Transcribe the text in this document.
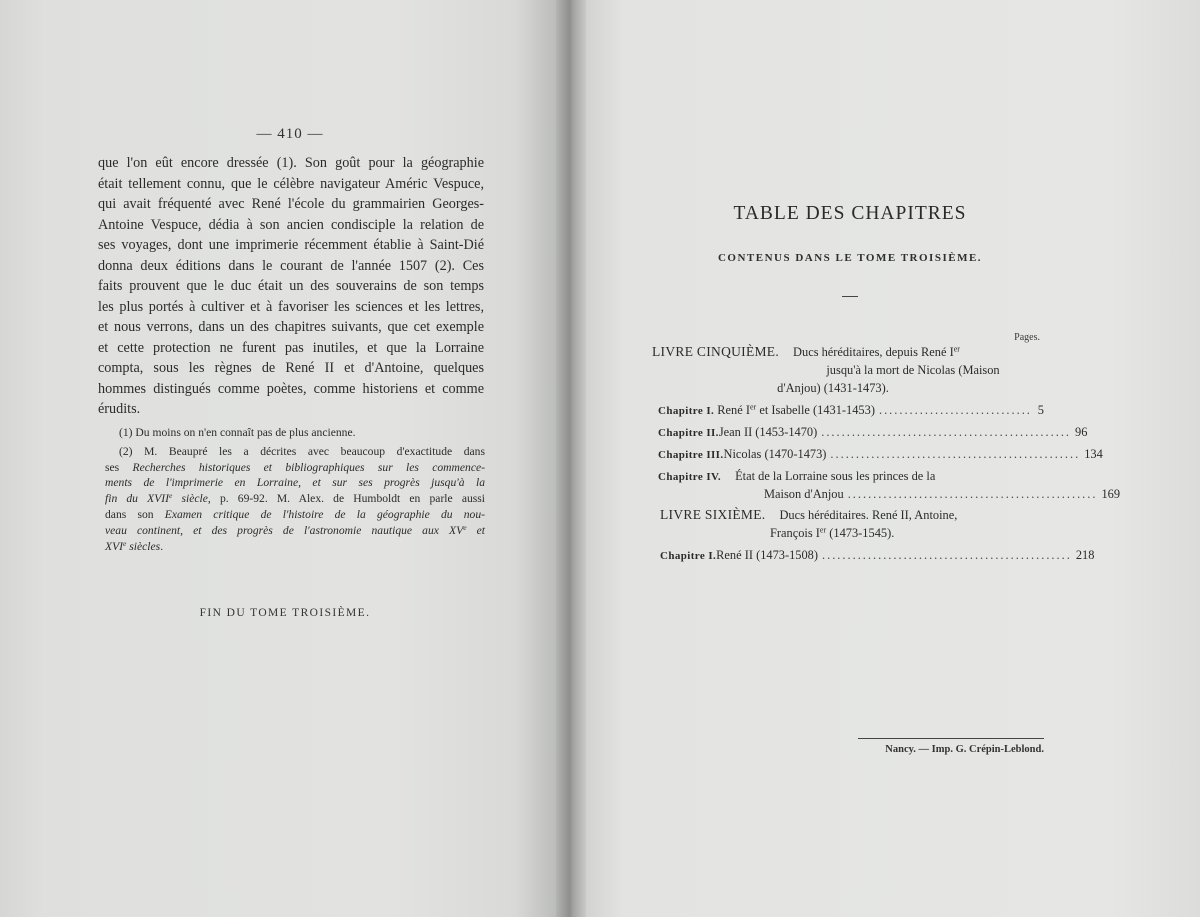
— 410 —
que l'on eût encore dressée (1). Son goût pour la géographie
était tellement connu, que le célèbre navigateur Améric Vespuce,
qui avait fréquenté avec René l'école du grammairien Georges-
Antoine Vespuce, dédia à son ancien condisciple la relation de
ses voyages, dont une imprimerie récemment établie à Saint-Dié
donna deux éditions dans le courant de l'année 1507 (2). Ces
faits prouvent que le duc était un des souverains de son temps
les plus portés à cultiver et à favoriser les sciences et les lettres,
et nous verrons, dans un des chapitres suivants, que cet exemple
et cette protection ne furent pas inutiles, et que la Lorraine
compta, sous les règnes de René II et d'Antoine, quelques
hommes distingués comme poètes, comme historiens et comme
érudits.
(1) Du moins on n'en connaît pas de plus ancienne.
(2) M. Beaupré les a décrites avec beaucoup d'exactitude dans
ses Recherches historiques et bibliographiques sur les commence-
ments de l'imprimerie en Lorraine, et sur ses progrès jusqu'à la
fin du XVIIe siècle, p. 69-92. M. Alex. de Humboldt en parle aussi
dans son Examen critique de l'histoire de la géographie du nou-
veau continent, et des progrès de l'astronomie nautique aux XVe et
XVIe siècles.
FIN DU TOME TROISIÈME.
TABLE DES CHAPITRES
CONTENUS DANS LE TOME TROISIÈME.
Pages.
LIVRE CINQUIÈME. Ducs héréditaires, depuis René Ier
jusqu'à la mort de Nicolas (Maison
d'Anjou) (1431-1473).
Chapitre I. René Ier et Isabelle (1431-1453) .............................. 5
Chapitre II. Jean II (1453-1470) ................................................. 96
Chapitre III. Nicolas (1470-1473) ................................................. 134
Chapitre IV. État de la Lorraine sous les princes de la
Maison d'Anjou ................................................. 169
LIVRE SIXIÈME. Ducs héréditaires. René II, Antoine,
François Ier (1473-1545).
Chapitre I. René II (1473-1508) ................................................. 218
Nancy. — Imp. G. Crépin-Leblond.
